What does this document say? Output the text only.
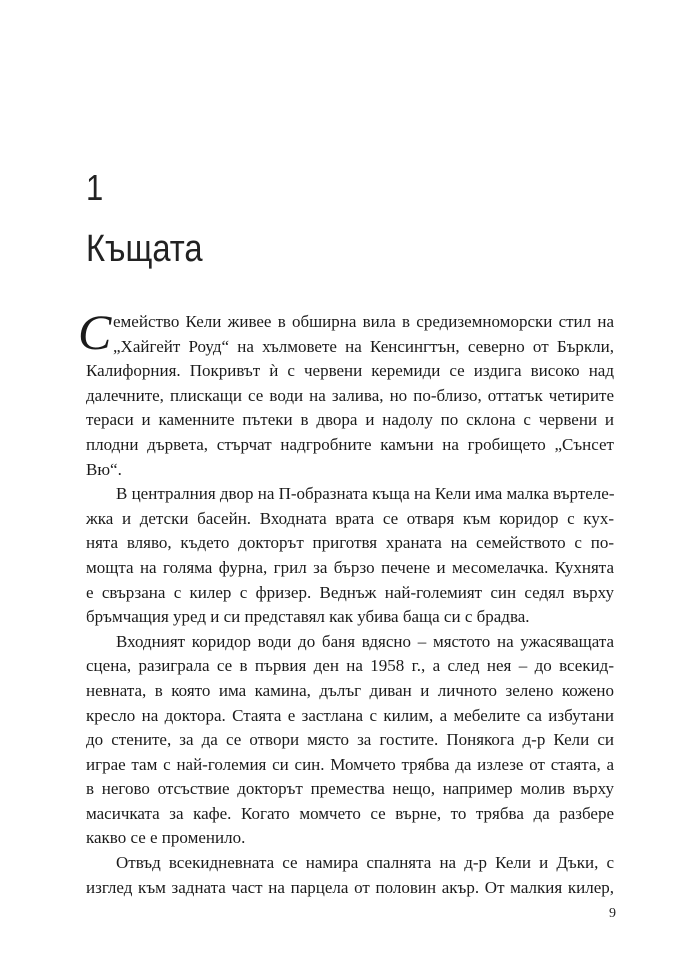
1
Къщата
С емейство Кели живее в обширна вила в средиземноморски стил на
„Хайгейт Роуд“ на хълмовете на Кенсингтън, северно от Бъркли,
Калифорния. Покривът ѝ с червени керемиди се издига високо над
далечните, плискащи се води на залива, но по-близо, оттатък четирите
тераси и каменните пътеки в двора и надолу по склона с червени и
плодни дървета, стърчат надгробните камъни на гробището „Сънсет
Вю“.
В централния двор на П-образната къща на Кели има малка въртеле-
жка и детски басейн. Входната врата се отваря към коридор с кух-
нята вляво, където докторът приготвя храната на семейството с по-
мощта на голяма фурна, грил за бързо печене и месомелачка. Кухнята
е свързана с килер с фризер. Веднъж най-големият син седял върху
бръмчащия уред и си представял как убива баща си с брадва.
Входният коридор води до баня вдясно – мястото на ужасяващата
сцена, разиграла се в първия ден на 1958 г., а след нея – до всекид-
невната, в която има камина, дълъг диван и личното зелено кожено
кресло на доктора. Стаята е застлана с килим, а мебелите са избутани
до стените, за да се отвори място за гостите. Понякога д-р Кели си
играе там с най-големия си син. Момчето трябва да излезе от стаята, а
в негово отсъствие докторът премества нещо, например молив върху
масичката за кафе. Когато момчето се върне, то трябва да разбере
какво се е променило.
Отвъд всекидневната се намира спалнята на д-р Кели и Дъки, с
изглед към задната част на парцела от половин акър. От малкия килер,
9
